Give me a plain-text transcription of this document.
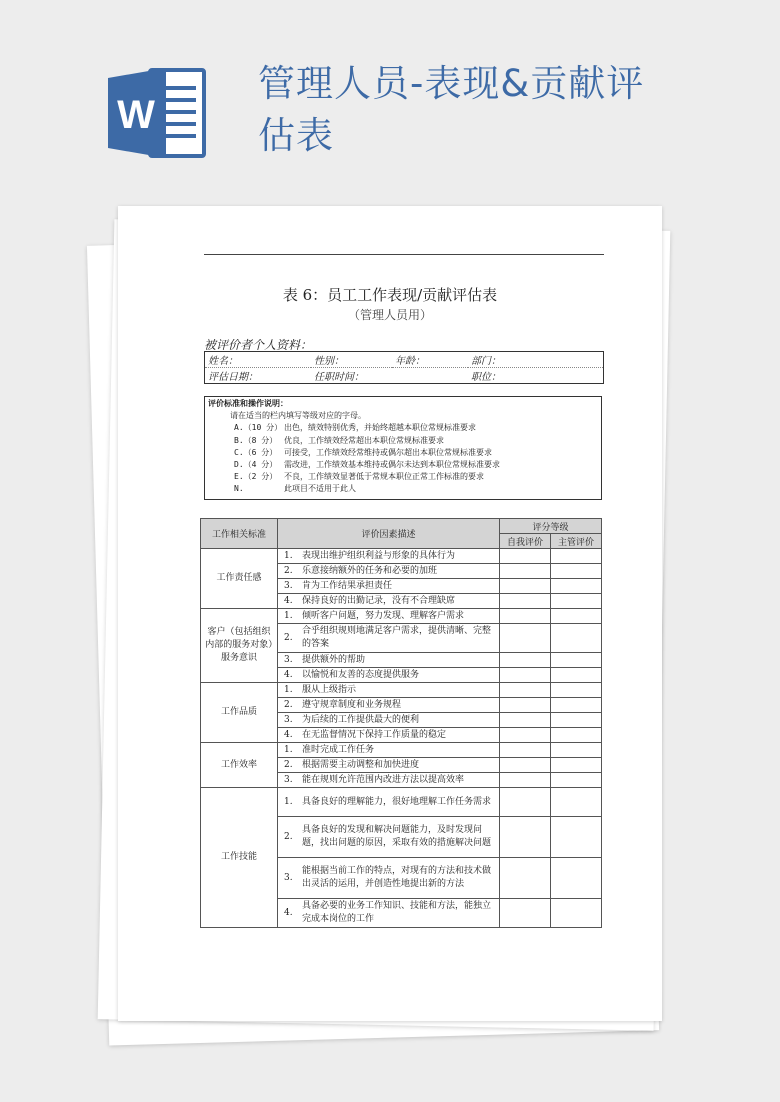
W
管理人员-表现&贡献评估表
表 6：员工工作表现/贡献评估表
（管理人员用）
被评价者个人资料：
姓名：	性别：	年龄：	部门：
评估日期：	任职时间：		职位：
评价标准和操作说明：
请在适当的栏内填写等级对应的字母。
A.（10 分） 出色，绩效特别优秀，并始终超越本职位常规标准要求
B.（8 分） 优良，工作绩效经常超出本职位常规标准要求
C.（6 分） 可接受，工作绩效经常维持或偶尔超出本职位常规标准要求
D.（4 分） 需改进，工作绩效基本维持或偶尔未达到本职位常规标准要求
E.（2 分） 不良，工作绩效显著低于常规本职位正常工作标准的要求
N.	此项目不适用于此人
工作相关标准	评价因素描述		评分等级	
			自我评价	主管评价
工作责任感	1.	表现出维护组织利益与形象的具体行为		
	2.	乐意接纳额外的任务和必要的加班		
	3.	肯为工作结果承担责任		
	4.	保持良好的出勤记录，没有不合理缺席		
客户（包括组织内部的服务对象）服务意识	1.	倾听客户问题，努力发现、理解客户需求		
	2.	合乎组织规则地满足客户需求，提供清晰、完整的答案		
	3.	提供额外的帮助		
	4.	以愉悦和友善的态度提供服务		
工作品质	1.	服从上级指示		
	2.	遵守规章制度和业务规程		
	3.	为后续的工作提供最大的便利		
	4.	在无监督情况下保持工作质量的稳定		
工作效率	1.	准时完成工作任务		
	2.	根据需要主动调整和加快进度		
	3.	能在规则允许范围内改进方法以提高效率		
工作技能	1.	具备良好的理解能力，很好地理解工作任务需求		
	2.	具备良好的发现和解决问题能力，及时发现问题，找出问题的原因，采取有效的措施解决问题		
	3.	能根据当前工作的特点，对现有的方法和技术做出灵活的运用，并创造性地提出新的方法		
	4.	具备必要的业务工作知识、技能和方法，能独立完成本岗位的工作		
